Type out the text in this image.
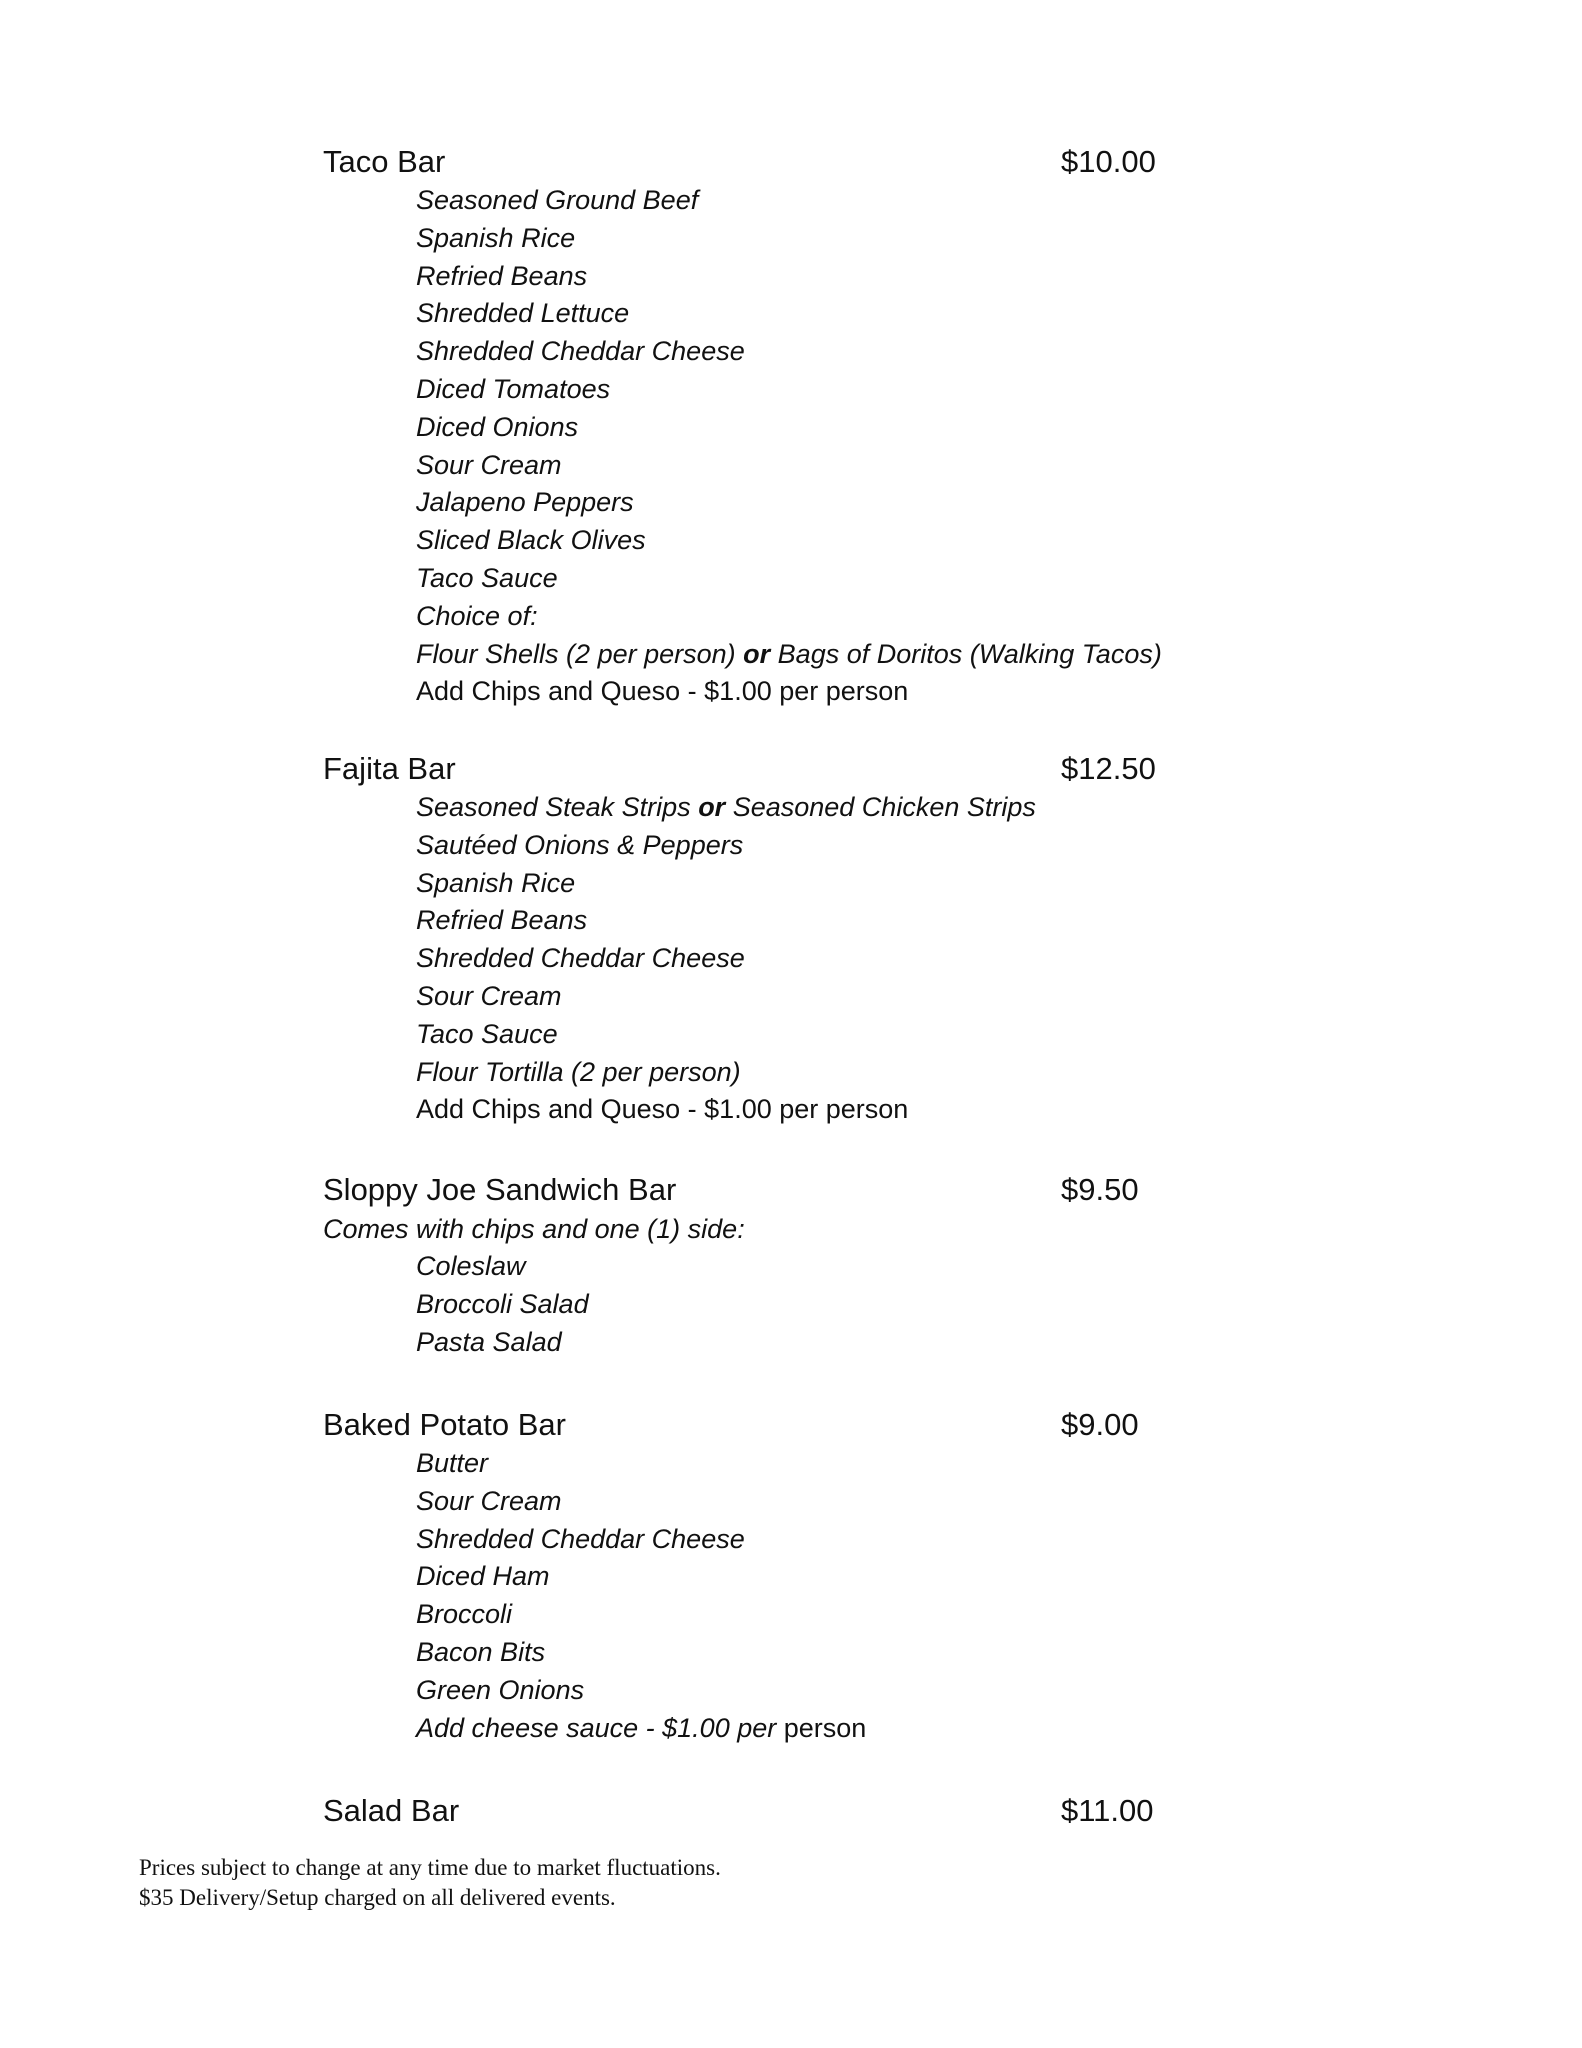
Taco Bar	$10.00
Seasoned Ground Beef
Spanish Rice
Refried Beans
Shredded Lettuce
Shredded Cheddar Cheese
Diced Tomatoes
Diced Onions
Sour Cream
Jalapeno Peppers
Sliced Black Olives
Taco Sauce
Choice of:
Flour Shells (2 per person) or Bags of Doritos (Walking Tacos)
Add Chips and Queso - $1.00 per person
Fajita Bar	$12.50
Seasoned Steak Strips or Seasoned Chicken Strips
Sautéed Onions & Peppers
Spanish Rice
Refried Beans
Shredded Cheddar Cheese
Sour Cream
Taco Sauce
Flour Tortilla (2 per person)
Add Chips and Queso - $1.00 per person
Sloppy Joe Sandwich Bar	$9.50
Comes with chips and one (1) side:
Coleslaw
Broccoli Salad
Pasta Salad
Baked Potato Bar	$9.00
Butter
Sour Cream
Shredded Cheddar Cheese
Diced Ham
Broccoli
Bacon Bits
Green Onions
Add cheese sauce - $1.00 per person
Salad Bar	$11.00
Prices subject to change at any time due to market fluctuations.
$35 Delivery/Setup charged on all delivered events.
